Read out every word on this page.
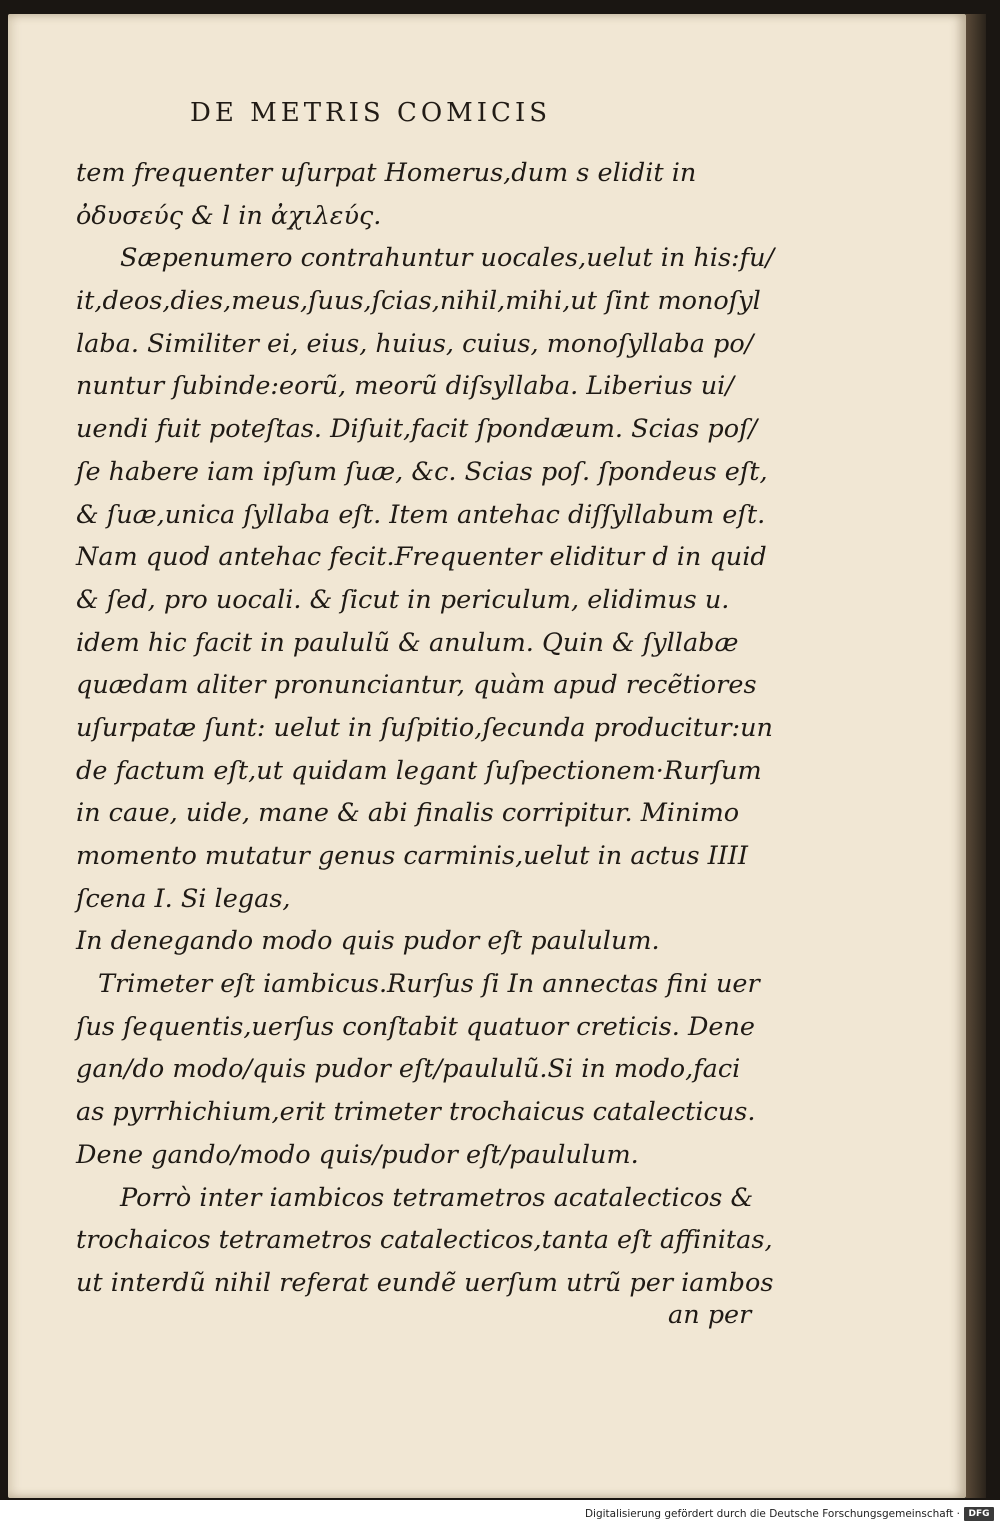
DE METRIS COMICIS
tem frequenter uſurpat Homerus,dum s elidit in
ὀδυσεύς & l in ἀχιλεύς.
Sæpenumero contrahuntur uocales,uelut in his:fu/
it,deos,dies,meus,ſuus,ſcias,nihil,mihi,ut ſint monoſyl
laba. Similiter ei, eius, huius, cuius, monoſyllaba po/
nuntur ſubinde:eorũ, meorũ diſsyllaba. Liberius ui/
uendi fuit poteſtas. Diſuit,facit ſpondæum. Scias poſ/
ſe habere iam ipſum ſuæ, &c. Scias poſ. ſpondeus eſt,
& ſuæ,unica ſyllaba eſt. Item antehac diſſyllabum eſt.
Nam quod antehac fecit.Frequenter eliditur d in quid
& ſed, pro uocali. & ſicut in periculum, elidimus u.
idem hic facit in paululũ & anulum. Quin & ſyllabæ
quædam aliter pronunciantur, quàm apud recẽtiores
uſurpatæ ſunt: uelut in ſuſpitio,ſecunda producitur:un
de factum eſt,ut quidam legant ſuſpectionem·Rurſum
in caue, uide, mane & abi finalis corripitur. Minimo
momento mutatur genus carminis,uelut in actus IIII
ſcena I. Si legas,
In denegando modo quis pudor eſt paululum.
Trimeter eſt iambicus.Rurſus ſi In annectas fini uer
ſus ſequentis,uerſus conſtabit quatuor creticis. Dene
gan/do modo/quis pudor eſt/paululũ.Si in modo,faci
as pyrrhichium,erit trimeter trochaicus catalecticus.
Dene gando/modo quis/pudor eſt/paululum.
Porrò inter iambicos tetrametros acatalecticos &
trochaicos tetrametros catalecticos,tanta eſt affinitas,
ut interdũ nihil referat eundẽ uerſum utrũ per iambos
an per
Digitalisierung gefördert durch die Deutsche Forschungsgemeinschaft · DFG
